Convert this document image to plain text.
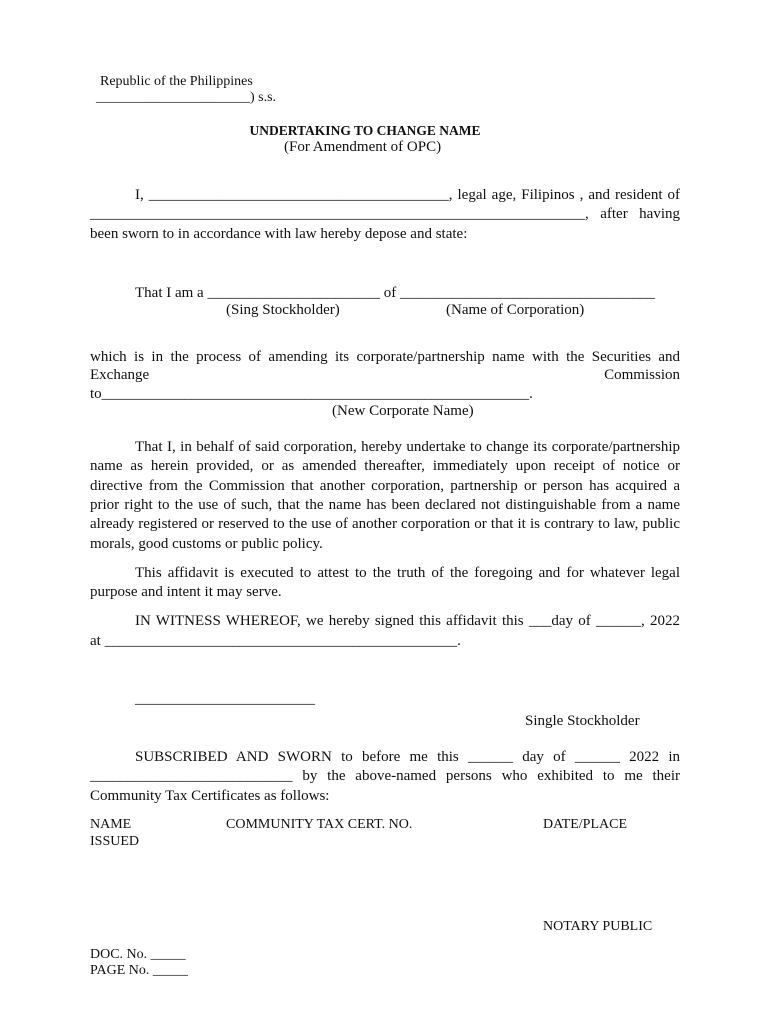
Republic of the Philippines
______________________) s.s.
UNDERTAKING TO CHANGE NAME
(For Amendment of OPC)
I, ________________________________________, legal age, Filipinos , and resident of
__________________________________________________________________, after having
been sworn to in accordance with law hereby depose and state:
That I am a _______________________ of __________________________________
(Sing Stockholder)	(Name of Corporation)
which is in the process of amending its corporate/partnership name with the Securities and
Exchange Commission
to_________________________________________________________.
(New Corporate Name)
That I, in behalf of said corporation, hereby undertake to change its corporate/partnership
name as herein provided, or as amended thereafter, immediately upon receipt of notice or
directive from the Commission that another corporation, partnership or person has acquired a
prior right to the use of such, that the name has been declared not distinguishable from a name
already registered or reserved to the use of another corporation or that it is contrary to law, public
morals, good customs or public policy.
This affidavit is executed to attest to the truth of the foregoing and for whatever legal
purpose and intent it may serve.
IN WITNESS WHEREOF, we hereby signed this affidavit this ___day of ______, 2022
at _______________________________________________.
________________________
Single Stockholder
SUBSCRIBED AND SWORN to before me this ______ day of ______ 2022 in
___________________________ by the above-named persons who exhibited to me their
Community Tax Certificates as follows:
NAME	COMMUNITY TAX CERT. NO.	DATE/PLACE
ISSUED
NOTARY PUBLIC
DOC. No. _____
PAGE No. _____
